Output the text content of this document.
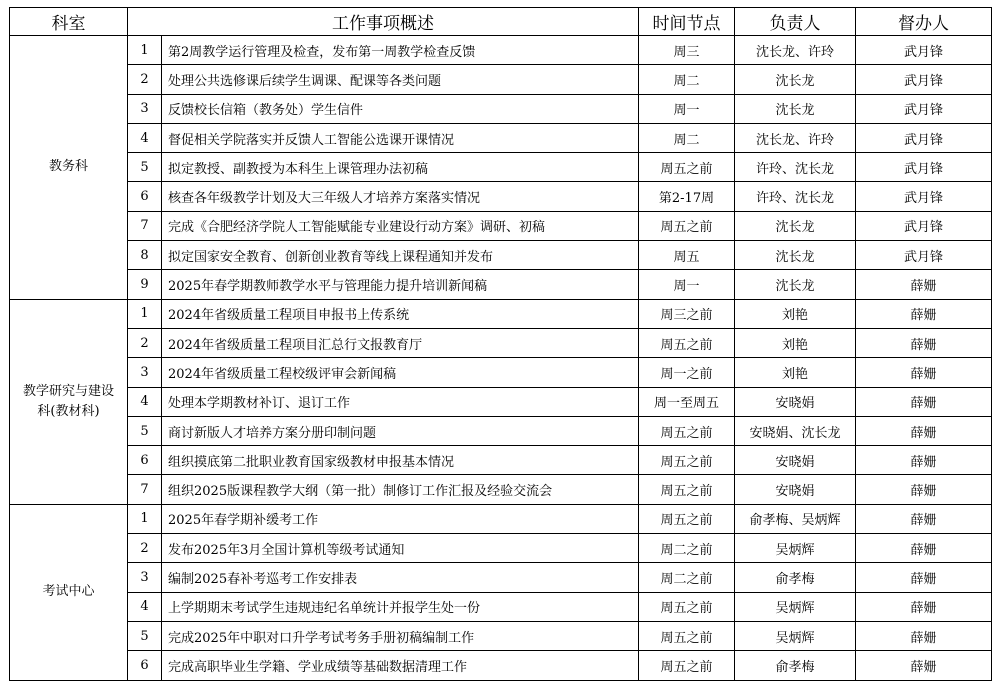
科室	工作事项概述		时间节点	负责人	督办人
教务科	1	第2周教学运行管理及检查，发布第一周教学检查反馈	周三	沈长龙、许玲	武月锋
	2	处理公共选修课后续学生调课、配课等各类问题	周二	沈长龙	武月锋
	3	反馈校长信箱（教务处）学生信件	周一	沈长龙	武月锋
	4	督促相关学院落实并反馈人工智能公选课开课情况	周二	沈长龙、许玲	武月锋
	5	拟定教授、副教授为本科生上课管理办法初稿	周五之前	许玲、沈长龙	武月锋
	6	核查各年级教学计划及大三年级人才培养方案落实情况	第2-17周	许玲、沈长龙	武月锋
	7	完成《合肥经济学院人工智能赋能专业建设行动方案》调研、初稿	周五之前	沈长龙	武月锋
	8	拟定国家安全教育、创新创业教育等线上课程通知并发布	周五	沈长龙	武月锋
	9	2025年春学期教师教学水平与管理能力提升培训新闻稿	周一	沈长龙	薛姗
教学研究与建设科(教材科)	1	2024年省级质量工程项目申报书上传系统	周三之前	刘艳	薛姗
	2	2024年省级质量工程项目汇总行文报教育厅	周五之前	刘艳	薛姗
	3	2024年省级质量工程校级评审会新闻稿	周一之前	刘艳	薛姗
	4	处理本学期教材补订、退订工作	周一至周五	安晓娟	薛姗
	5	商讨新版人才培养方案分册印制问题	周五之前	安晓娟、沈长龙	薛姗
	6	组织摸底第二批职业教育国家级教材申报基本情况	周五之前	安晓娟	薛姗
	7	组织2025版课程教学大纲（第一批）制修订工作汇报及经验交流会	周五之前	安晓娟	薛姗
考试中心	1	2025年春学期补缓考工作	周五之前	俞孝梅、吴炳辉	薛姗
	2	发布2025年3月全国计算机等级考试通知	周二之前	吴炳辉	薛姗
	3	编制2025春补考巡考工作安排表	周二之前	俞孝梅	薛姗
	4	上学期期末考试学生违规违纪名单统计并报学生处一份	周五之前	吴炳辉	薛姗
	5	完成2025年中职对口升学考试考务手册初稿编制工作	周五之前	吴炳辉	薛姗
	6	完成高职毕业生学籍、学业成绩等基础数据清理工作	周五之前	俞孝梅	薛姗
